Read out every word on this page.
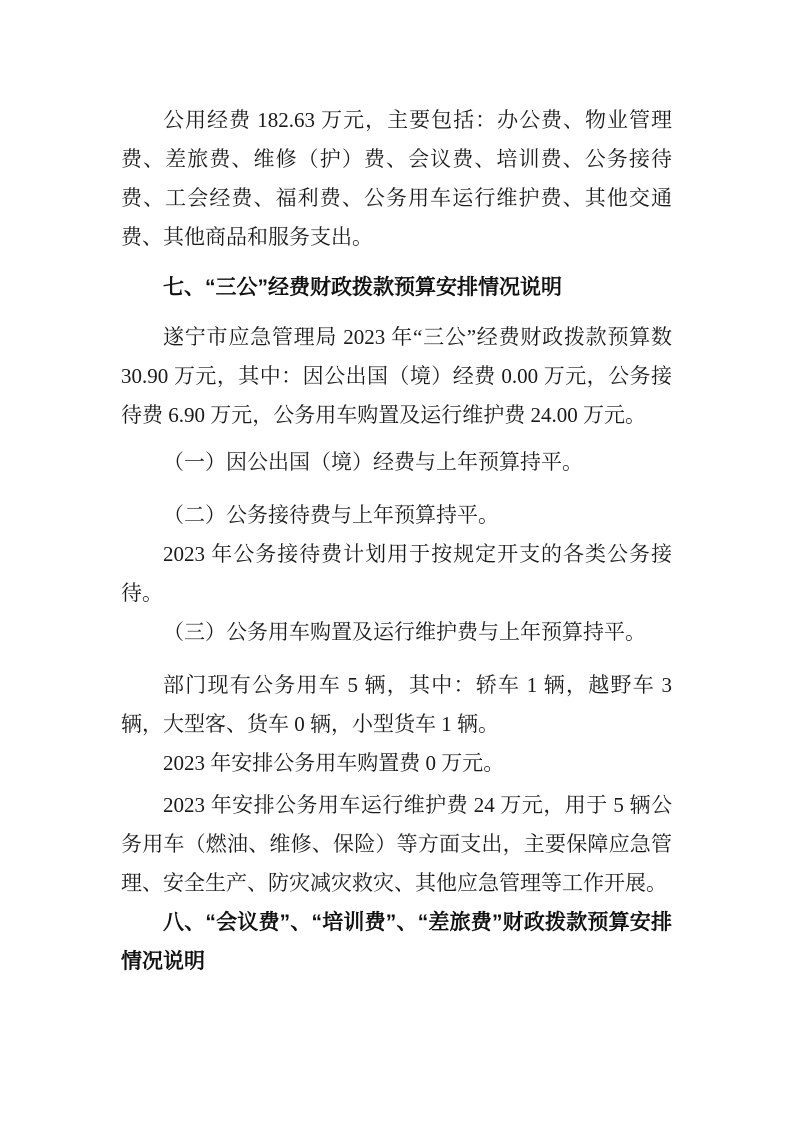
公用经费 182.63 万元，主要包括：办公费、物业管理费、差旅费、维修（护）费、会议费、培训费、公务接待费、工会经费、福利费、公务用车运行维护费、其他交通费、其他商品和服务支出。

七、“三公”经费财政拨款预算安排情况说明

遂宁市应急管理局 2023 年“三公”经费财政拨款预算数 30.90 万元，其中：因公出国（境）经费 0.00 万元，公务接待费 6.90 万元，公务用车购置及运行维护费 24.00 万元。

（一）因公出国（境）经费与上年预算持平。

（二）公务接待费与上年预算持平。

2023 年公务接待费计划用于按规定开支的各类公务接待。

（三）公务用车购置及运行维护费与上年预算持平。

部门现有公务用车 5 辆，其中：轿车 1 辆，越野车 3 辆，大型客、货车 0 辆，小型货车 1 辆。

2023 年安排公务用车购置费 0 万元。

2023 年安排公务用车运行维护费 24 万元，用于 5 辆公务用车（燃油、维修、保险）等方面支出，主要保障应急管理、安全生产、防灾减灾救灾、其他应急管理等工作开展。

八、“会议费”、“培训费”、“差旅费”财政拨款预算安排情况说明
